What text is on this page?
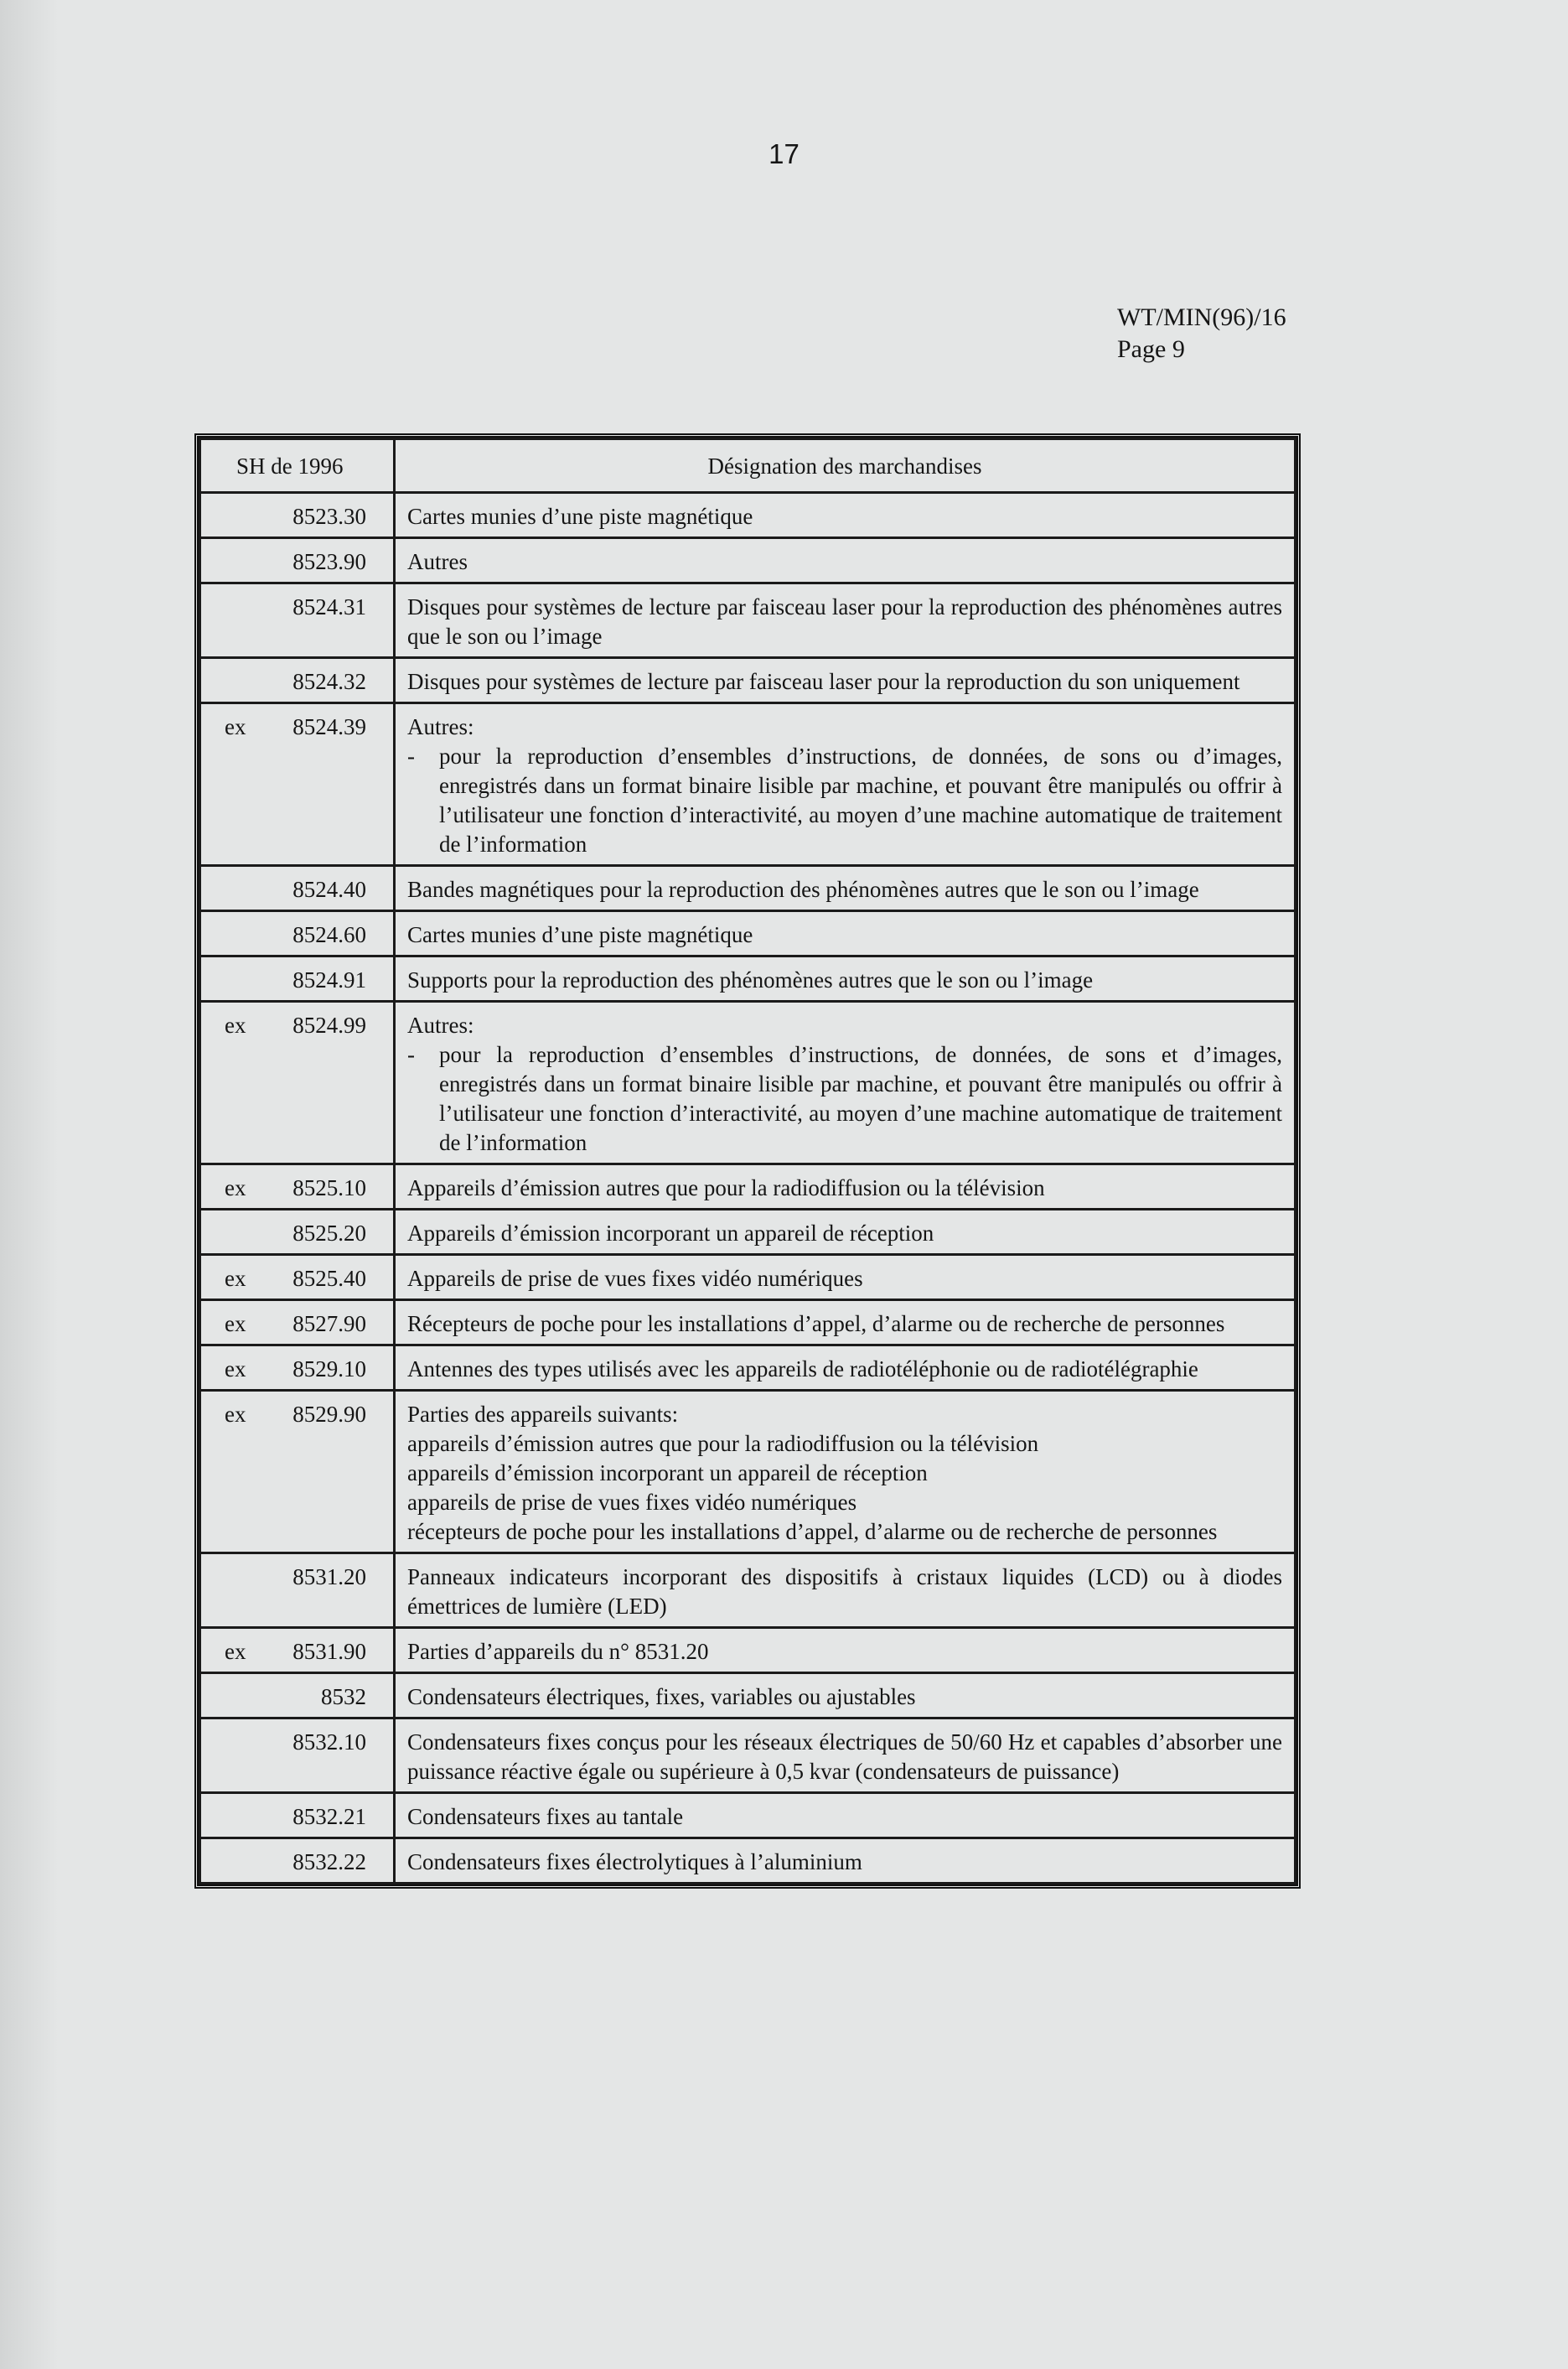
17
WT/MIN(96)/16
Page 9
SH de 1996	Désignation des marchandises

8523.30	Cartes munies d’une piste magnétique

8523.90	Autres

8524.31	Disques pour systèmes de lecture par faisceau laser pour la reproduction des phénomènes autres que le son ou l’image

8524.32	Disques pour systèmes de lecture par faisceau laser pour la reproduction du son uniquement

ex 8524.39	Autres:
- pour la reproduction d’ensembles d’instructions, de données, de sons ou d’images, enregistrés dans un format binaire lisible par machine, et pouvant être manipulés ou offrir à l’utilisateur une fonction d’interactivité, au moyen d’une machine automatique de traitement de l’information

8524.40	Bandes magnétiques pour la reproduction des phénomènes autres que le son ou l’image

8524.60	Cartes munies d’une piste magnétique

8524.91	Supports pour la reproduction des phénomènes autres que le son ou l’image

ex 8524.99	Autres:
- pour la reproduction d’ensembles d’instructions, de données, de sons et d’images, enregistrés dans un format binaire lisible par machine, et pouvant être manipulés ou offrir à l’utilisateur une fonction d’interactivité, au moyen d’une machine automatique de traitement de l’information

ex 8525.10	Appareils d’émission autres que pour la radiodiffusion ou la télévision

8525.20	Appareils d’émission incorporant un appareil de réception

ex 8525.40	Appareils de prise de vues fixes vidéo numériques

ex 8527.90	Récepteurs de poche pour les installations d’appel, d’alarme ou de recherche de personnes

ex 8529.10	Antennes des types utilisés avec les appareils de radiotéléphonie ou de radiotélégraphie

ex 8529.90	Parties des appareils suivants:
appareils d’émission autres que pour la radiodiffusion ou la télévision
appareils d’émission incorporant un appareil de réception
appareils de prise de vues fixes vidéo numériques
récepteurs de poche pour les installations d’appel, d’alarme ou de recherche de personnes

8531.20	Panneaux indicateurs incorporant des dispositifs à cristaux liquides (LCD) ou à diodes émettrices de lumière (LED)

ex 8531.90	Parties d’appareils du n° 8531.20

8532	Condensateurs électriques, fixes, variables ou ajustables

8532.10	Condensateurs fixes conçus pour les réseaux électriques de 50/60 Hz et capables d’absorber une puissance réactive égale ou supérieure à 0,5 kvar (condensateurs de puissance)

8532.21	Condensateurs fixes au tantale

8532.22	Condensateurs fixes électrolytiques à l’aluminium
